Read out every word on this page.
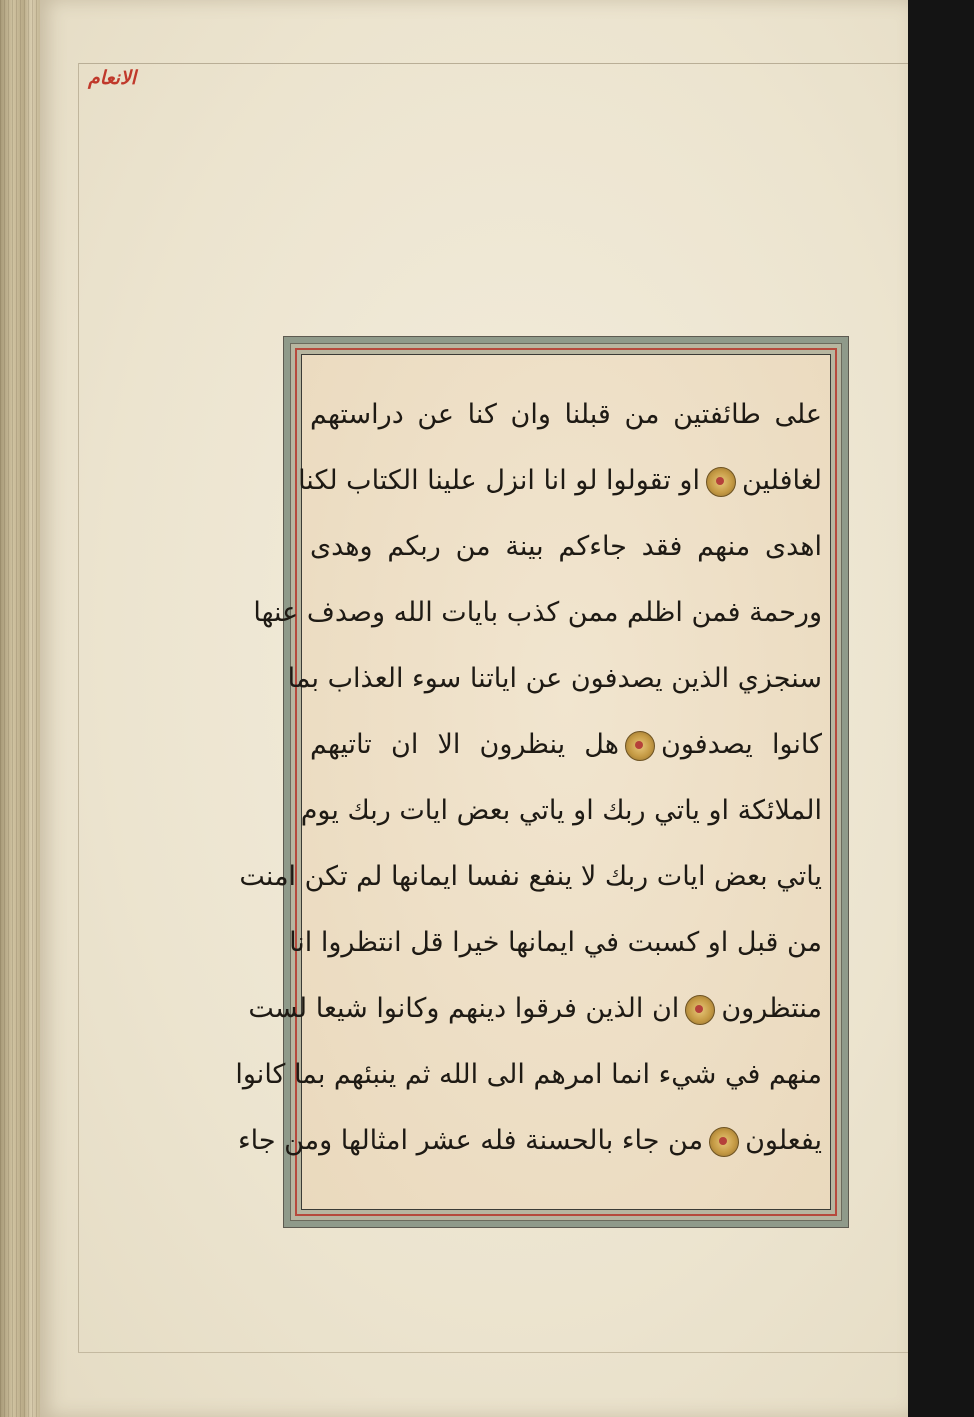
الانعام
على طائفتين من قبلنا وان كنا عن دراستهم
لغافليناو تقولوا لو انا انزل علينا الكتاب لكنا
اهدى منهم فقد جاءكم بينة من ربكم وهدى
ورحمة فمن اظلم ممن كذب بايات الله وصدف عنها
سنجزي الذين يصدفون عن اياتنا سوء العذاب بما
كانوا يصدفونهل ينظرون الا ان تاتيهم
الملائكة او ياتي ربك او ياتي بعض ايات ربك يوم
ياتي بعض ايات ربك لا ينفع نفسا ايمانها لم تكن امنت
من قبل او كسبت في ايمانها خيرا قل انتظروا انا
منتظرونان الذين فرقوا دينهم وكانوا شيعا لست
منهم في شيء انما امرهم الى الله ثم ينبئهم بما كانوا
يفعلونمن جاء بالحسنة فله عشر امثالها ومن جاء
